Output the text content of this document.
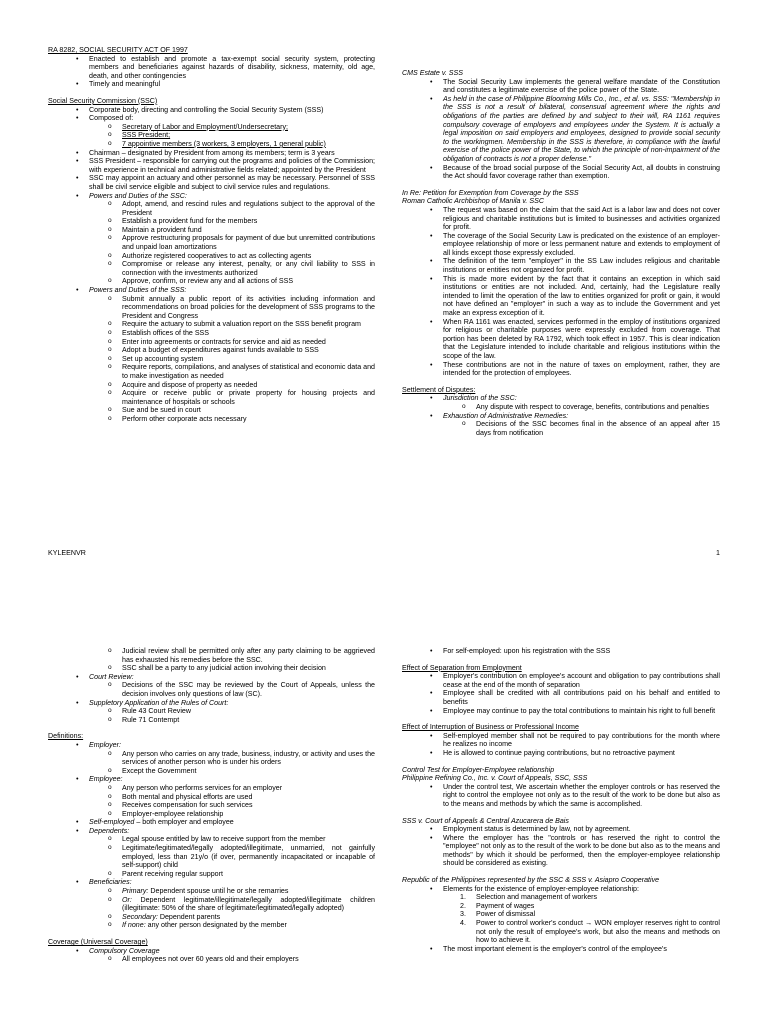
RA 8282, SOCIAL SECURITY ACT OF 1997

• Enacted to establish and promote a tax-exempt social security system, protecting members and beneficiaries against hazards of disability, sickness, maternity, old age, death, and other contingencies
• Timely and meaningful

Social Security Commission (SSC)

• Corporate body, directing and controlling the Social Security System (SSS)
• Composed of:
o Secretary of Labor and Employment/Undersecretary;
o SSS President;
o 7 appointive members (3 workers, 3 employers, 1 general public)
• Chairman – designated by President from among its members; term is 3 years
• SSS President – responsible for carrying out the programs and policies of the Commission; with experience in technical and administrative fields related; appointed by the President
• SSC may appoint an actuary and other personnel as may be necessary. Personnel of SSS shall be civil service eligible and subject to civil service rules and regulations.
• Powers and Duties of the SSC:
o Adopt, amend, and rescind rules and regulations subject to the approval of the President
o Establish a provident fund for the members
o Maintain a provident fund
o Approve restructuring proposals for payment of due but unremitted contributions and unpaid loan amortizations
o Authorize registered cooperatives to act as collecting agents
o Compromise or release any interest, penalty, or any civil liability to SSS in connection with the investments authorized
o Approve, confirm, or review any and all actions of SSS
• Powers and Duties of the SSS:
o Submit annually a public report of its activities including information and recommendations on broad policies for the development of SSS programs to the President and Congress
o Require the actuary to submit a valuation report on the SSS benefit program
o Establish offices of the SSS
o Enter into agreements or contracts for service and aid as needed
o Adopt a budget of expenditures against funds available to SSS
o Set up accounting system
o Require reports, compilations, and analyses of statistical and economic data and to make investigation as needed
o Acquire and dispose of property as needed
o Acquire or receive public or private property for housing projects and maintenance of hospitals or schools
o Sue and be sued in court
o Perform other corporate acts necessary

CMS Estate v. SSS

• The Social Security Law implements the general welfare mandate of the Constitution and constitutes a legitimate exercise of the police power of the State.
• As held in the case of Philippine Blooming Mills Co., Inc., et al. vs. SSS: "Membership in the SSS is not a result of bilateral, consensual agreement where the rights and obligations of the parties are defined by and subject to their will, RA 1161 requires compulsory coverage of employers and employees under the System. It is actually a legal imposition on said employers and employees, designed to provide social security to the workingmen. Membership in the SSS is therefore, in compliance with the lawful exercise of the police power of the State, to which the principle of non-impairment of the obligation of contracts is not a proper defense."
• Because of the broad social purpose of the Social Security Act, all doubts in construing the Act should favor coverage rather than exemption.

In Re: Petition for Exemption from Coverage by the SSS

Roman Catholic Archbishop of Manila v. SSC

• The request was based on the claim that the said Act is a labor law and does not cover religious and charitable institutions but is limited to businesses and activities organized for profit.
• The coverage of the Social Security Law is predicated on the existence of an employer-employee relationship of more or less permanent nature and extends to employment of all kinds except those expressly excluded.
• The definition of the term "employer" in the SS Law includes religious and charitable institutions or entities not organized for profit.
• This is made more evident by the fact that it contains an exception in which said institutions or entities are not included. And, certainly, had the Legislature really intended to limit the operation of the law to entities organized for profit or gain, it would not have defined an "employer" in such a way as to include the Government and yet make an express exception of it.
• When RA 1161 was enacted, services performed in the employ of institutions organized for religious or charitable purposes were expressly excluded from coverage. That portion has been deleted by RA 1792, which took effect in 1957. This is clear indication that the Legislature intended to include charitable and religious institutions within the scope of the law.
• These contributions are not in the nature of taxes on employment, rather, they are intended for the protection of employees.

Settlement of Disputes:

• Jurisdiction of the SSC:
o Any dispute with respect to coverage, benefits, contributions and penalties
• Exhaustion of Administrative Remedies:
o Decisions of the SSC becomes final in the absence of an appeal after 15 days from notification
KYLEENVR	1
o Judicial review shall be permitted only after any party claiming to be aggrieved has exhausted his remedies before the SSC.
o SSC shall be a party to any judicial action involving their decision
• Court Review:
o Decisions of the SSC may be reviewed by the Court of Appeals, unless the decision involves only questions of law (SC).
• Suppletory Application of the Rules of Court:
o Rule 43 Court Review
o Rule 71 Contempt

Definitions:

• Employer:
o Any person who carries on any trade, business, industry, or activity and uses the services of another person who is under his orders
o Except the Government
• Employee:
o Any person who performs services for an employer
o Both mental and physical efforts are used
o Receives compensation for such services
o Employer-employee relationship
• Self-employed – both employer and employee
• Dependents:
o Legal spouse entitled by law to receive support from the member
o Legitimate/legitimated/legally adopted/illegitimate, unmarried, not gainfully employed, less than 21y/o (if over, permanently incapacitated or incapable of self-support) child
o Parent receiving regular support
• Beneficiaries:
o Primary: Dependent spouse until he or she remarries
o Or: Dependent legitimate/illegitimate/legally adopted/illegitimate children (illegitimate: 50% of the share of legitimate/legitimated/legally adopted)
o Secondary: Dependent parents
o If none: any other person designated by the member

Coverage (Universal Coverage)

• Compulsory Coverage
o All employees not over 60 years old and their employers
• For self-employed: upon his registration with the SSS

Effect of Separation from Employment

• Employer's contribution on employee's account and obligation to pay contributions shall cease at the end of the month of separation
• Employee shall be credited with all contributions paid on his behalf and entitled to benefits
• Employee may continue to pay the total contributions to maintain his right to full benefit

Effect of Interruption of Business or Professional Income

• Self-employed member shall not be required to pay contributions for the month where he realizes no income
• He is allowed to continue paying contributions, but no retroactive payment

Control Test for Employer-Employee relationship

Philippine Refining Co., Inc. v. Court of Appeals, SSC, SSS

• Under the control test, We ascertain whether the employer controls or has reserved the right to control the employee not only as to the result of the work to be done but also as to the means and methods by which the same is accomplished.

SSS v. Court of Appeals & Central Azucarera de Bais

• Employment status is determined by law, not by agreement.
• Where the employer has the "controls or has reserved the right to control the "employee" not only as to the result of the work to be done but also as to the means and methods" by which it should be performed, then the employer-employee relationship should be considered as existing.

Republic of the Philippines represented by the SSC & SSS v. Asiapro Cooperative

• Elements for the existence of employer-employee relationship:
1. Selection and management of workers
2. Payment of wages
3. Power of dismissal
4. Power to control worker's conduct → WON employer reserves right to control not only the result of employee's work, but also the means and methods on how to achieve it.
• The most important element is the employer's control of the employee's
